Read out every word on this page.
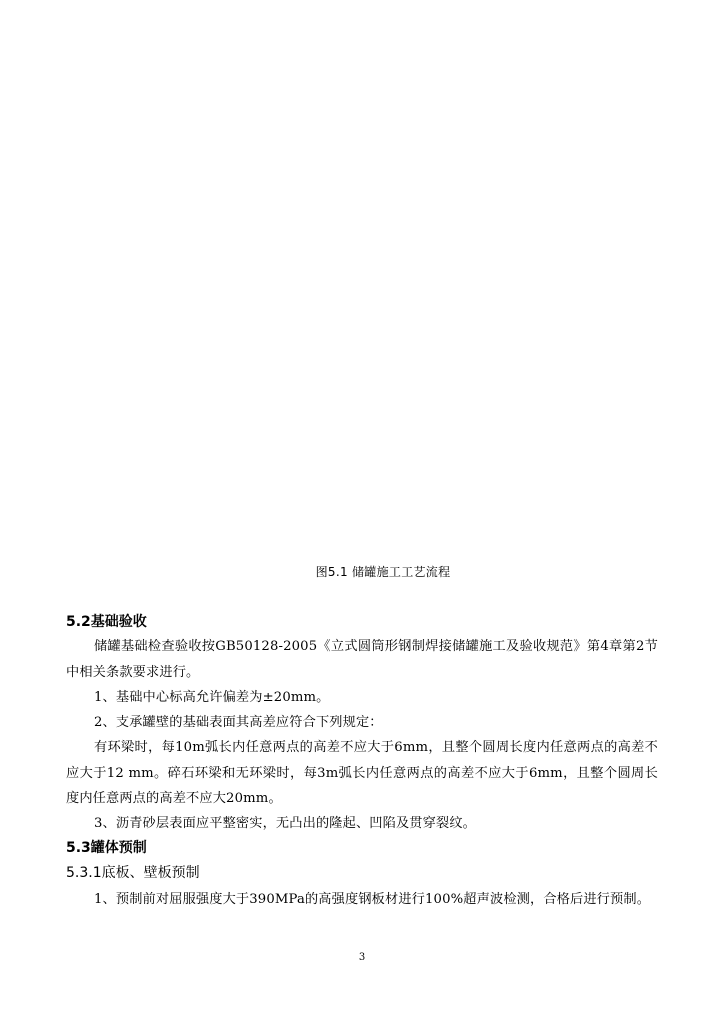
图5.1 储罐施工工艺流程
5.2基础验收
储罐基础检查验收按GB50128-2005《立式圆筒形钢制焊接储罐施工及验收规范》第4章第2节中相关条款要求进行。
1、基础中心标高允许偏差为±20mm。
2、支承罐壁的基础表面其高差应符合下列规定：
有环梁时，每10m弧长内任意两点的高差不应大于6mm，且整个圆周长度内任意两点的高差不应大于12 mm。碎石环梁和无环梁时，每3m弧长内任意两点的高差不应大于6mm，且整个圆周长度内任意两点的高差不应大20mm。
3、沥青砂层表面应平整密实，无凸出的隆起、凹陷及贯穿裂纹。
5.3罐体预制
5.3.1底板、壁板预制
1、预制前对屈服强度大于390MPa的高强度钢板材进行100%超声波检测，合格后进行预制。
3
